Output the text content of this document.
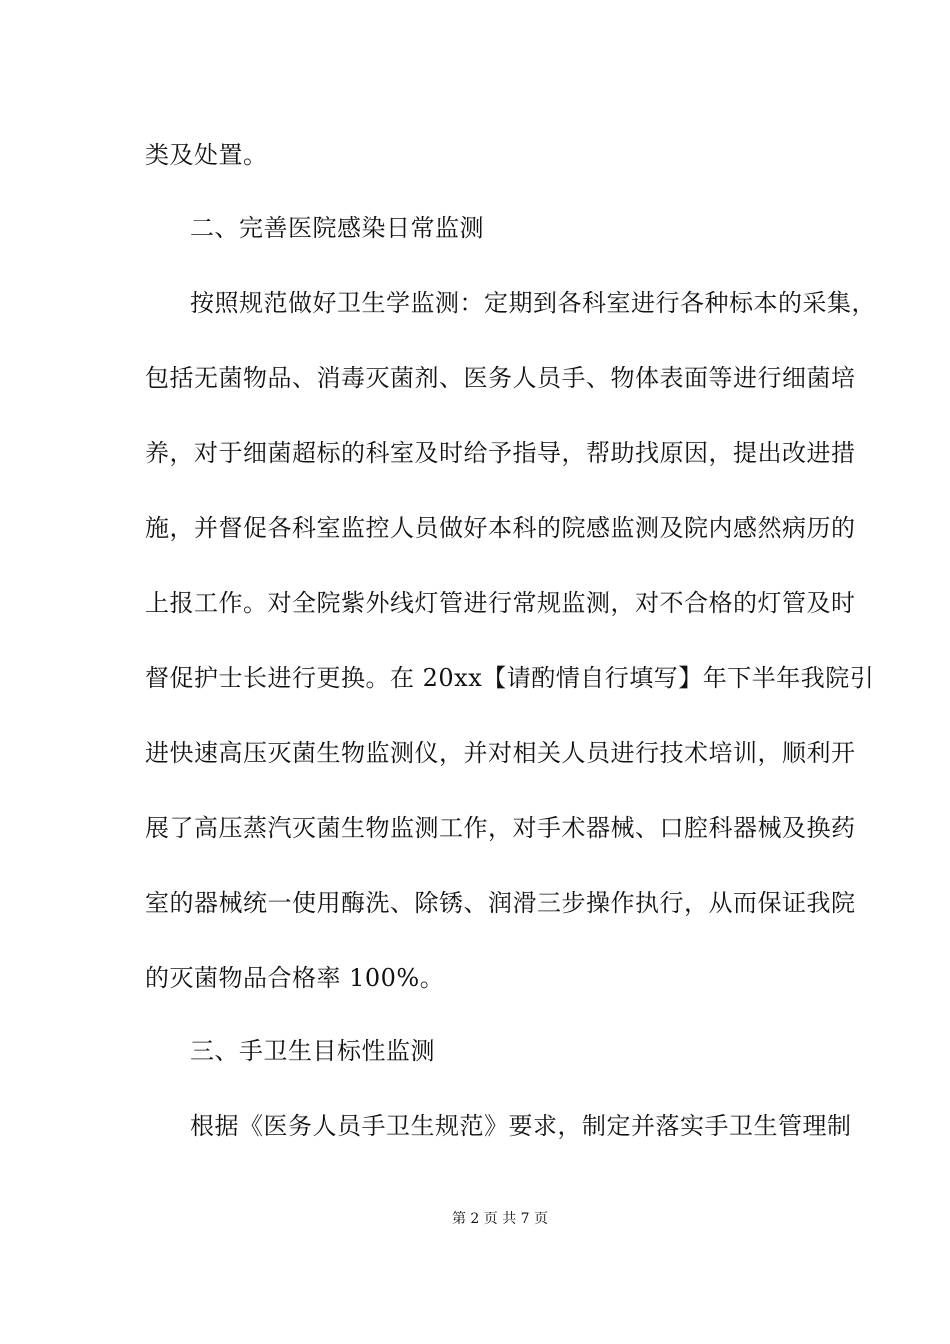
类及处置。
二、完善医院感染日常监测
按照规范做好卫生学监测：定期到各科室进行各种标本的采集，
包括无菌物品、消毒灭菌剂、医务人员手、物体表面等进行细菌培
养，对于细菌超标的科室及时给予指导，帮助找原因，提出改进措
施，并督促各科室监控人员做好本科的院感监测及院内感然病历的
上报工作。对全院紫外线灯管进行常规监测，对不合格的灯管及时
督促护士长进行更换。在 20xx【请酌情自行填写】年下半年我院引
进快速高压灭菌生物监测仪，并对相关人员进行技术培训，顺利开
展了高压蒸汽灭菌生物监测工作，对手术器械、口腔科器械及换药
室的器械统一使用酶洗、除锈、润滑三步操作执行，从而保证我院
的灭菌物品合格率 100%。
三、手卫生目标性监测
根据《医务人员手卫生规范》要求，制定并落实手卫生管理制
第 2 页 共 7 页
